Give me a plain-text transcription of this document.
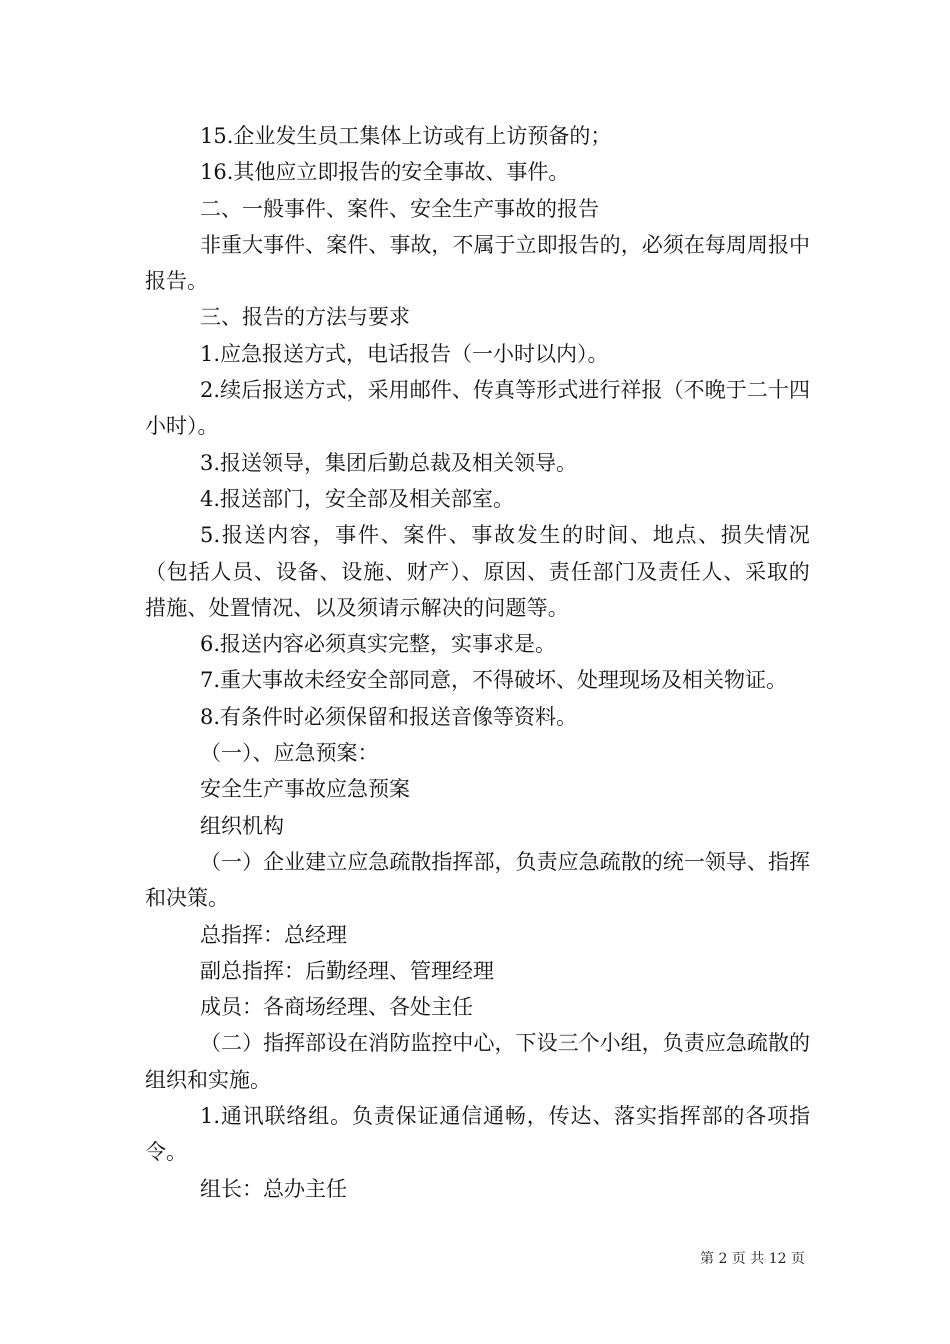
15.企业发生员工集体上访或有上访预备的；

16.其他应立即报告的安全事故、事件。

二、一般事件、案件、安全生产事故的报告

非重大事件、案件、事故，不属于立即报告的，必须在每周周报中报告。

三、报告的方法与要求

1.应急报送方式，电话报告（一小时以内）。

2.续后报送方式，采用邮件、传真等形式进行祥报（不晚于二十四小时）。

3.报送领导，集团后勤总裁及相关领导。

4.报送部门，安全部及相关部室。

5.报送内容，事件、案件、事故发生的时间、地点、损失情况（包括人员、设备、设施、财产）、原因、责任部门及责任人、采取的措施、处置情况、以及须请示解决的问题等。

6.报送内容必须真实完整，实事求是。

7.重大事故未经安全部同意，不得破坏、处理现场及相关物证。

8.有条件时必须保留和报送音像等资料。

（一）、应急预案：

安全生产事故应急预案

组织机构

（一）企业建立应急疏散指挥部，负责应急疏散的统一领导、指挥和决策。

总指挥：总经理

副总指挥：后勤经理、管理经理

成员：各商场经理、各处主任

（二）指挥部设在消防监控中心，下设三个小组，负责应急疏散的组织和实施。

1.通讯联络组。负责保证通信通畅，传达、落实指挥部的各项指令。

组长：总办主任

第 2 页 共 12 页
